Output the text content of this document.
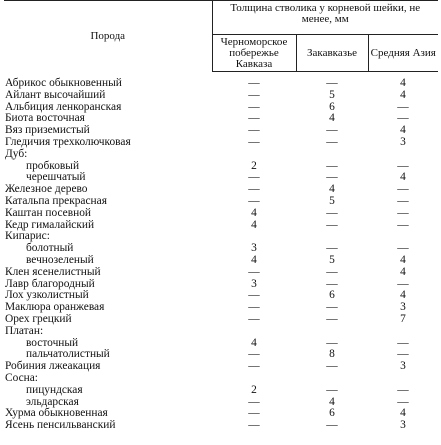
Порода	Толщина стволика у корневой шейки, не менее, мм		
	Черноморское побережье Кавказа	Закавказье	Средняя Азия
Абрикос обыкновенный	—	—	4
Айлант высочайший	—	5	4
Альбиция ленкоранская	—	6	—
Биота восточная	—	4	—
Вяз приземистый	—	—	4
Гледичия трехколючковая	—	—	3
Дуб:			
пробковый	2	—	—
черешчатый	—	—	4
Железное дерево	—	4	—
Катальпа прекрасная	—	5	—
Каштан посевной	4	—	—
Кедр гималайский	4	—	—
Кипарис:			
болотный	3	—	—
вечнозеленый	4	5	4
Клен ясенелистный	—	—	4
Лавр благородный	3	—	—
Лох узколистный	—	6	4
Маклюра оранжевая	—	—	3
Орех грецкий	—	—	7
Платан:			
восточный	4	—	—
пальчатолистный	—	8	—
Робиния лжеакация	—	—	3
Сосна:			
пицундская	2	—	—
эльдарская	—	4	—
Хурма обыкновенная	—	6	4
Ясень пенсильванский	—	—	3
